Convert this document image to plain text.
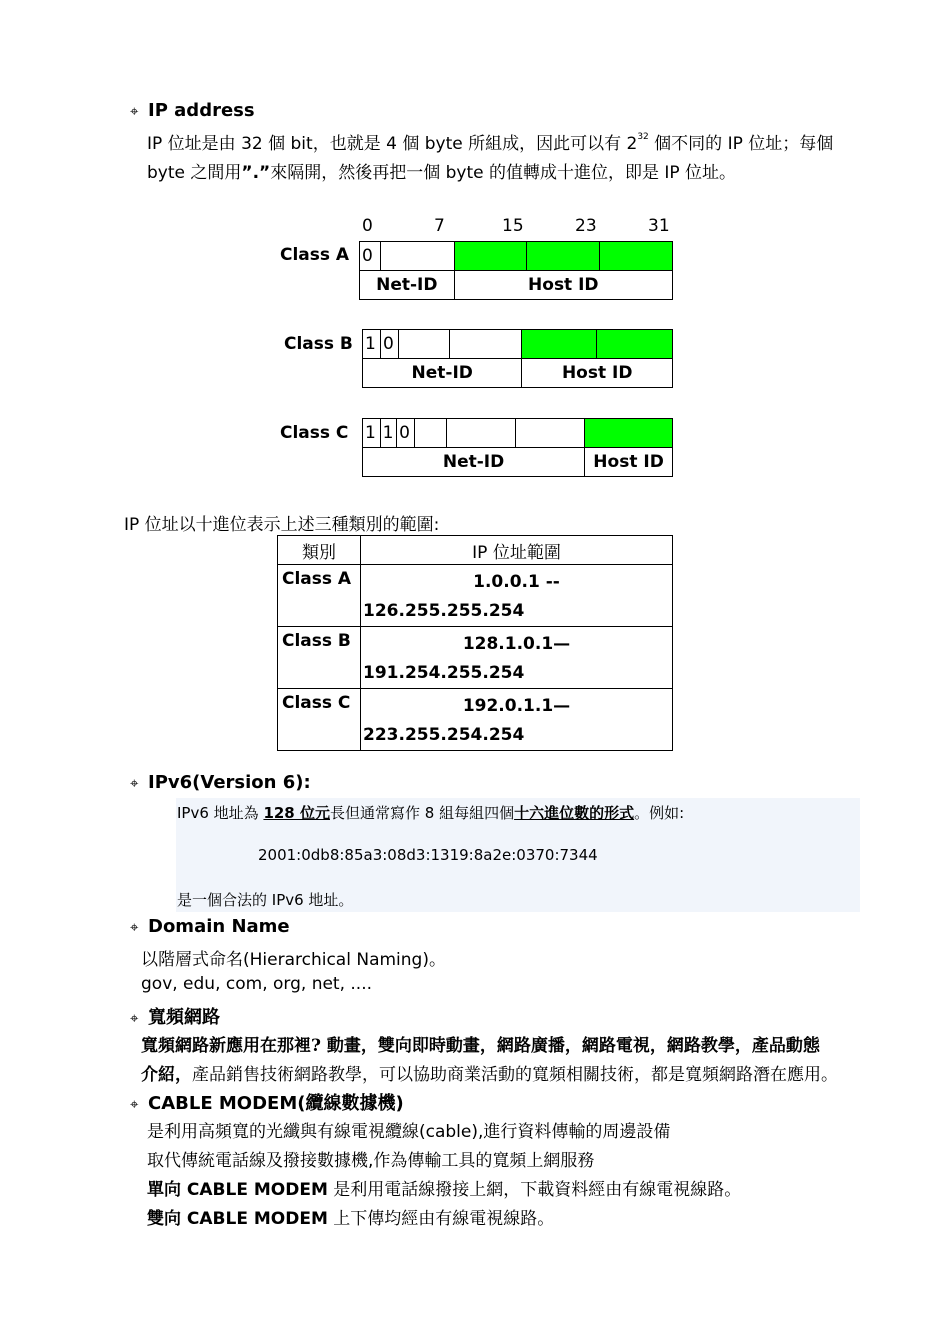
⌖ IP address
IP 位址是由 32 個 bit，也就是 4 個 byte 所組成，因此可以有 $2^{32}$ 個不同的 IP 位址；每個
byte 之間用”.”來隔開，然後再把一個 byte 的值轉成十進位，即是 IP 位址。
0	7	15	23	31
Class A 0				
Net-ID		Host ID		
Class B 1	0				
Net-ID				Host ID	
Class C 1	1	0				
Net-ID						Host ID
IP 位址以十進位表示上述三種類別的範圍:
類別	IP 位址範圍
Class A	1.0.0.1 --
126.255.255.254

Class B	128.1.0.1—
191.254.255.254

Class C	192.0.1.1—
223.255.254.254
⌖ IPv6(Version 6):
IPv6 地址為 128 位元長但通常寫作 8 組每組四個十六進位數的形式。例如:
2001:0db8:85a3:08d3:1319:8a2e:0370:7344
是一個合法的 IPv6 地址。
⌖ Domain Name
以階層式命名(Hierarchical Naming)。
gov, edu, com, org, net, ....
⌖ 寬頻網路
寬頻網路新應用在那裡? 動畫，雙向即時動畫，網路廣播，網路電視，網路教學，產品動態
介紹，產品銷售技術網路教學，可以協助商業活動的寬頻相關技術，都是寬頻網路潛在應用。
⌖ CABLE MODEM(纜線數據機)
是利用高頻寬的光纖與有線電視纜線(cable),進行資料傳輸的周邊設備
取代傳統電話線及撥接數據機,作為傳輸工具的寬頻上網服務
單向 CABLE MODEM 是利用電話線撥接上網，下載資料經由有線電視線路。
雙向 CABLE MODEM 上下傳均經由有線電視線路。
